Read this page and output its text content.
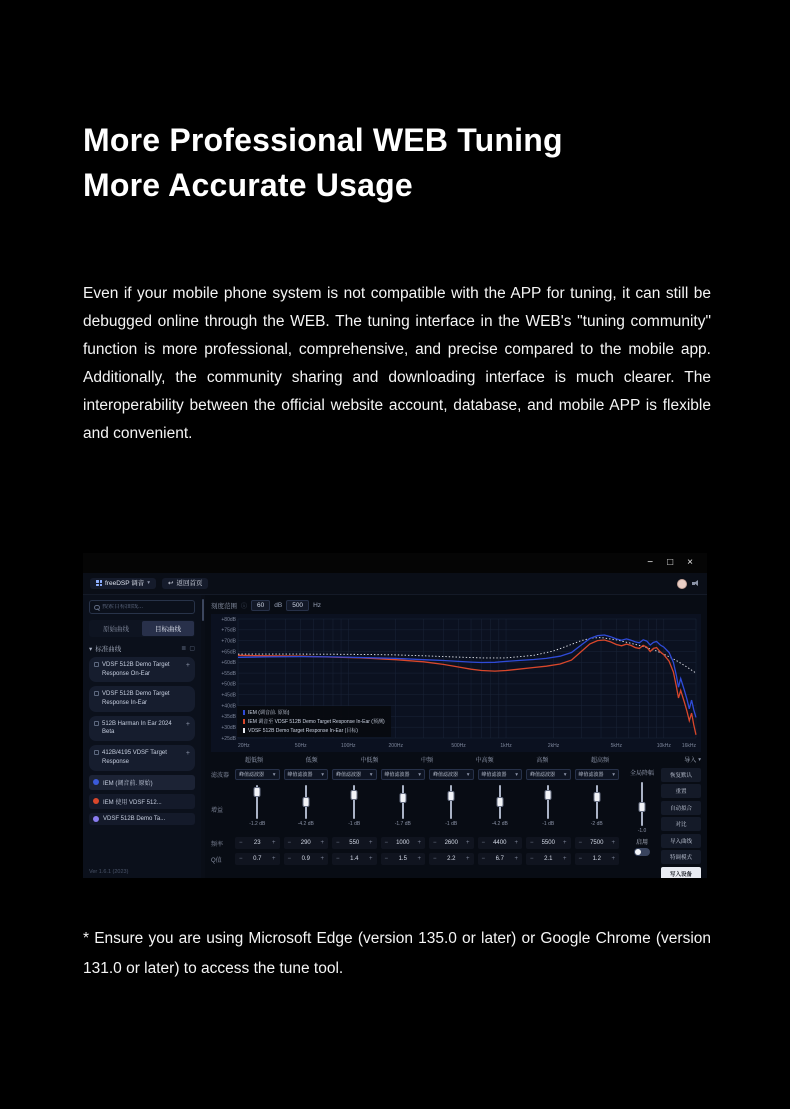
More Professional WEB Tuning
More Accurate Usage

Even if your mobile phone system is not compatible with the APP for tuning, it can still be debugged online through the WEB. The tuning interface in the WEB's "tuning community" function is more professional, comprehensive, and precise compared to the mobile app. Additionally, the community sharing and downloading interface is much clearer. The interoperability between the official website account, database, and mobile APP is flexible and convenient.

− □ ×
freeDSP 调音 ▾	↩ 返回首页
搜索目标曲线...
原始曲线	目标曲线
▾ 标准曲线	≣ ▢
VDSF 512B Demo Target Response On-Ear
+
VDSF 512B Demo Target Response In-Ear
512B Harman In Ear 2024 Beta
+
412B/4195 VDSF Target Response
+
IEM (调音前. 原始)
IEM 使用 VDSF 512...
VDSF 512B Demo Ta...
Ver 1.6.1 (2023)
刻度范围 ⓘ	60	dB	500	Hz
+25dB
+30dB
+35dB
+40dB
+45dB
+50dB
+55dB
+60dB
+65dB
+70dB
+75dB
+80dB
20Hz	50Hz	100Hz	200Hz	500Hz	1kHz	2kHz	5kHz	10kHz 16kHz
IEM (调音前. 原始)
IEM 调音至 VDSF 512B Demo Target Response In-Ear (预测)
VDSF 512B Demo Target Response In-Ear (目标)
滤波器
增益
频率
Q值
超低频	低频	中低频	中频	中高频	高频	超高频
峰值滤波器 ▾ 峰值滤波器 ▾ 峰值滤波器 ▾ 峰值滤波器 ▾ 峰值滤波器 ▾ 峰值滤波器 ▾ 峰值滤波器 ▾ 峰值滤波器 ▾
-1.2 dB	-4.2 dB	-1 dB	-1.7 dB	-1 dB	-4.2 dB	-1 dB	-2 dB
− 23 + − 290 + − 550 + − 1000 + − 2600 + − 4400 + − 5500 + − 7500 +
− 0.7 + − 0.9 + − 1.4 + − 1.5 + − 2.2 + − 6.7 + − 2.1 + − 1.2 +
全局降幅
-1.0
启用
导入 ▾
恢复默认
重置
自动拟合
对比
导入曲线
特调模式
写入设备

* Ensure you are using Microsoft Edge (version 135.0 or later) or Google Chrome (version 131.0 or later) to access the tune tool.
